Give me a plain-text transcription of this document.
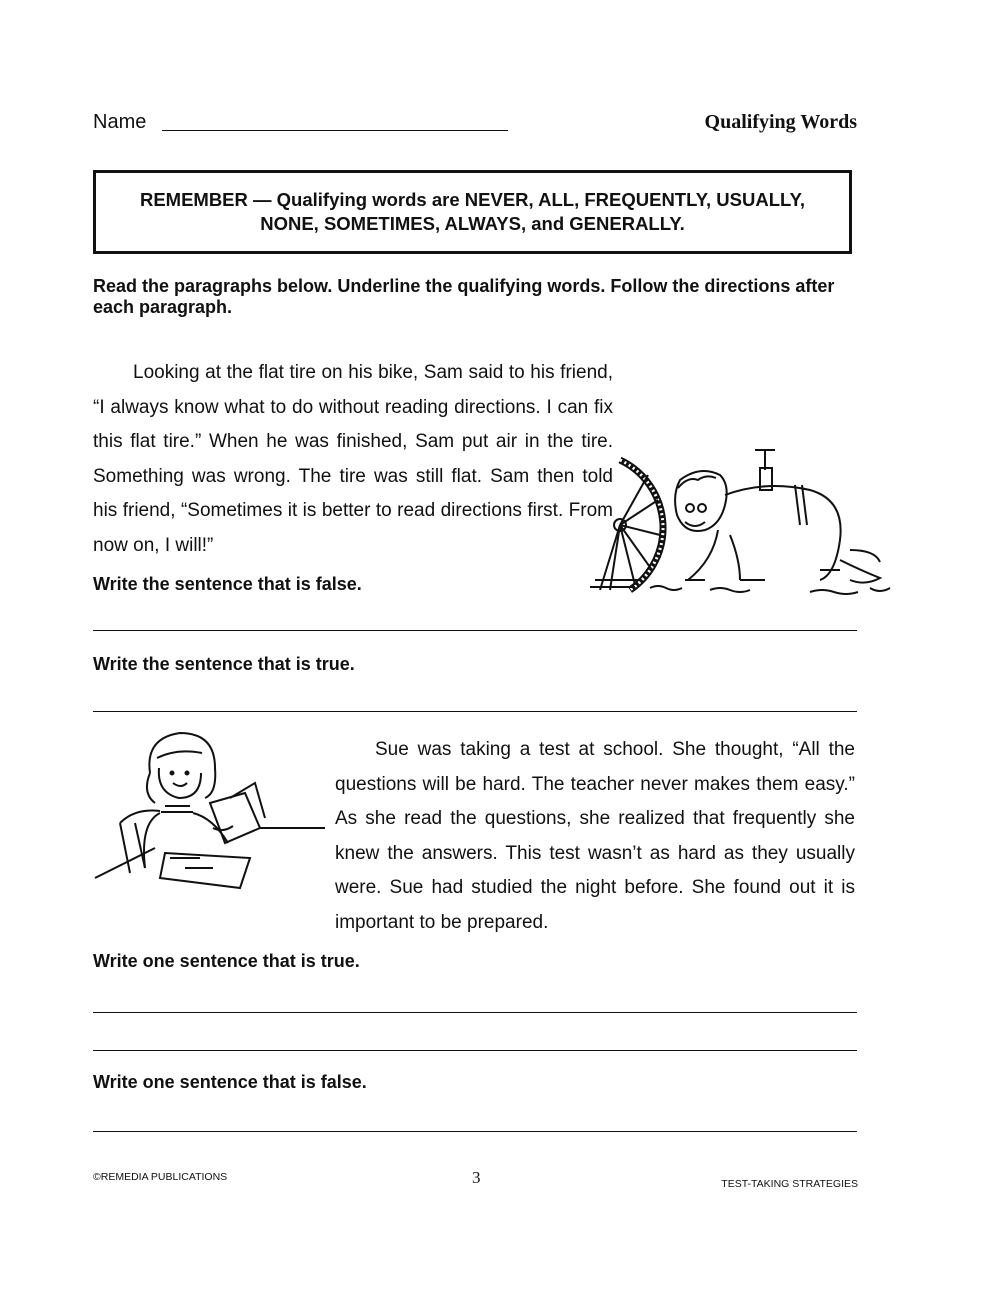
Name	Qualifying Words
REMEMBER — Qualifying words are NEVER, ALL, FREQUENTLY, USUALLY,
NONE, SOMETIMES, ALWAYS, and GENERALLY.
Read the paragraphs below. Underline the qualifying words. Follow the directions after each paragraph.
Looking at the flat tire on his bike, Sam said to his friend, “I always know what to do without reading directions. I can fix this flat tire.” When he was finished, Sam put air in the tire. Something was wrong. The tire was still flat. Sam then told his friend, “Sometimes it is better to read directions first. From now on, I will!”
Write the sentence that is false.
Write the sentence that is true.
Sue was taking a test at school. She thought, “All the questions will be hard. The teacher never makes them easy.” As she read the questions, she realized that frequently she knew the answers. This test wasn’t as hard as they usually were. Sue had studied the night before. She found out it is important to be prepared.
Write one sentence that is true.
Write one sentence that is false.
©REMEDIA PUBLICATIONS	3	TEST-TAKING STRATEGIES
